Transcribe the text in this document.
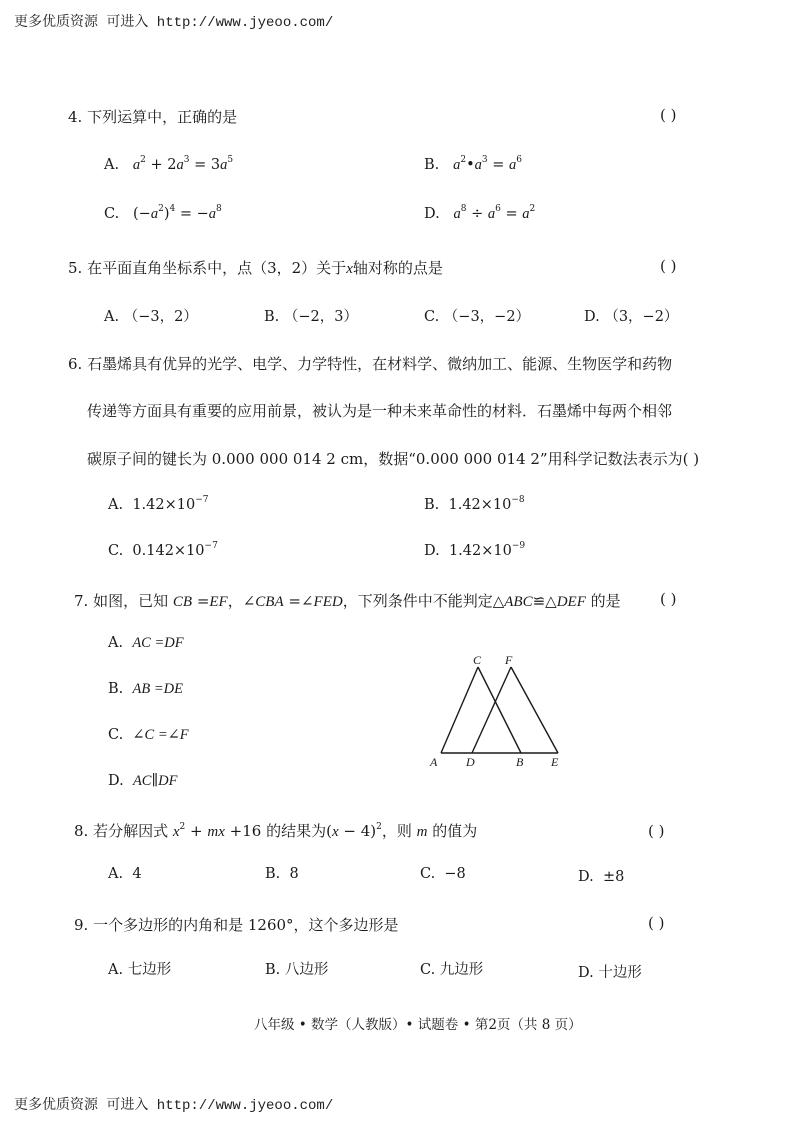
更多优质资源 可进入 http://www.jyeoo.com/
4. 下列运算中，正确的是	( )
A. $a^2 + 2a^3 = 3a^5$	B. $a^2•a^3 = a^6$
C. $(-a^2)^4 = -a^8$	D. $a^8 \div a^6 = a^2$
5. 在平面直角坐标系中，点（3，2）关于x轴对称的点是	( )
A. （−3，2）	B. （−2，3）	C. （−3，−2）	D. （3，−2）
6. 石墨烯具有优异的光学、电学、力学特性，在材料学、微纳加工、能源、生物医学和药物
传递等方面具有重要的应用前景，被认为是一种未来革命性的材料．石墨烯中每两个相邻
碳原子间的键长为 0.000 000 014 2 cm，数据“0.000 000 014 2”用科学记数法表示为( )
A. $1.42\times 10^{-7}$	B. $1.42\times 10^{-8}$
C. $0.142\times 10^{-7}$	D. $1.42\times 10^{-9}$
7. 如图，已知 CB =EF，∠CBA =∠FED，下列条件中不能判定△ABC≌△DEF 的是	( )
A. AC =DF
B. AB =DE
C. ∠C =∠F
D. AC∥DF
C F
A D	B E
8. 若分解因式 $x^2$ + mx +16 的结果为$(x - 4)^2$，则 m 的值为	( )
A. 4	B. 8	C. −8	D. ±8
9. 一个多边形的内角和是 1260°，这个多边形是	( )
A. 七边形	B. 八边形	C. 九边形	D. 十边形
八年级 • 数学（人教版）• 试题卷 • 第2页（共 8 页）
更多优质资源 可进入 http://www.jyeoo.com/
